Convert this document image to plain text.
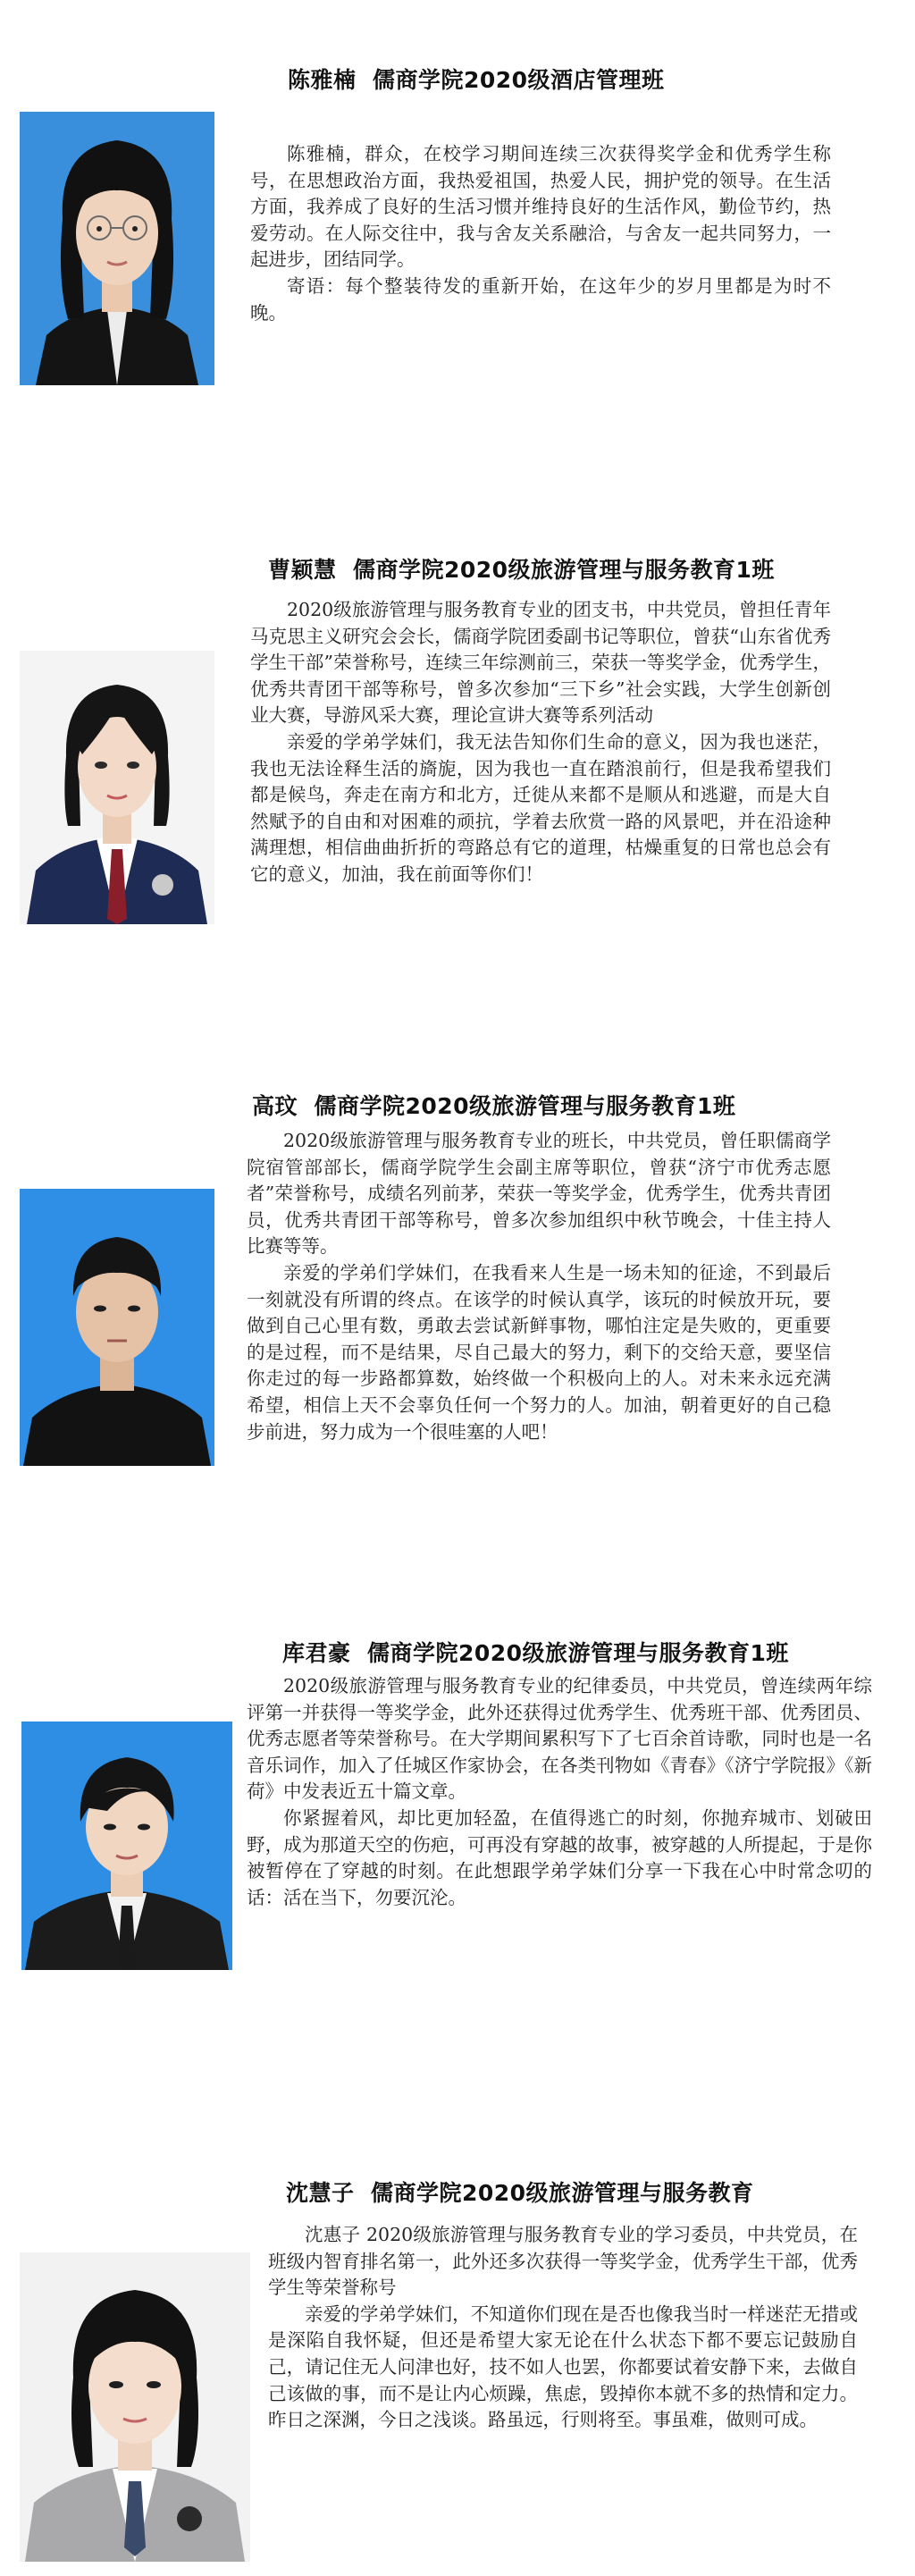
陈雅楠 儒商学院2020级酒店管理班

陈雅楠，群众，在校学习期间连续三次获得奖学金和优秀学生称号，在思想政治方面，我热爱祖国，热爱人民，拥护党的领导。在生活方面，我养成了良好的生活习惯并维持良好的生活作风，勤俭节约，热爱劳动。在人际交往中，我与舍友关系融洽，与舍友一起共同努力，一起进步，团结同学。

寄语：每个整装待发的重新开始，在这年少的岁月里都是为时不晚。

曹颖慧 儒商学院2020级旅游管理与服务教育1班

2020级旅游管理与服务教育专业的团支书，中共党员，曾担任青年马克思主义研究会会长，儒商学院团委副书记等职位，曾获“山东省优秀学生干部”荣誉称号，连续三年综测前三，荣获一等奖学金，优秀学生，优秀共青团干部等称号，曾多次参加“三下乡”社会实践，大学生创新创业大赛，导游风采大赛，理论宣讲大赛等系列活动

亲爱的学弟学妹们，我无法告知你们生命的意义，因为我也迷茫，我也无法诠释生活的旖旎，因为我也一直在踏浪前行，但是我希望我们都是候鸟，奔走在南方和北方，迁徙从来都不是顺从和逃避，而是大自然赋予的自由和对困难的顽抗，学着去欣赏一路的风景吧，并在沿途种满理想，相信曲曲折折的弯路总有它的道理，枯燥重复的日常也总会有它的意义，加油，我在前面等你们！

高玟 儒商学院2020级旅游管理与服务教育1班

2020级旅游管理与服务教育专业的班长，中共党员，曾任职儒商学院宿管部部长，儒商学院学生会副主席等职位，曾获“济宁市优秀志愿者”荣誉称号，成绩名列前茅，荣获一等奖学金，优秀学生，优秀共青团员，优秀共青团干部等称号，曾多次参加组织中秋节晚会，十佳主持人比赛等等。

亲爱的学弟们学妹们，在我看来人生是一场未知的征途，不到最后一刻就没有所谓的终点。在该学的时候认真学，该玩的时候放开玩，要做到自己心里有数，勇敢去尝试新鲜事物，哪怕注定是失败的，更重要的是过程，而不是结果，尽自己最大的努力，剩下的交给天意，要坚信你走过的每一步路都算数，始终做一个积极向上的人。对未来永远充满希望，相信上天不会辜负任何一个努力的人。加油，朝着更好的自己稳步前进，努力成为一个很哇塞的人吧！

库君豪 儒商学院2020级旅游管理与服务教育1班

2020级旅游管理与服务教育专业的纪律委员，中共党员，曾连续两年综评第一并获得一等奖学金，此外还获得过优秀学生、优秀班干部、优秀团员、优秀志愿者等荣誉称号。在大学期间累积写下了七百余首诗歌，同时也是一名音乐词作，加入了任城区作家协会，在各类刊物如《青春》《济宁学院报》《新荷》中发表近五十篇文章。

你紧握着风，却比更加轻盈，在值得逃亡的时刻，你抛弃城市、划破田野，成为那道天空的伤疤，可再没有穿越的故事，被穿越的人所提起，于是你被暂停在了穿越的时刻。在此想跟学弟学妹们分享一下我在心中时常念叨的话：活在当下，勿要沉沦。

沈慧子 儒商学院2020级旅游管理与服务教育

沈惠子 2020级旅游管理与服务教育专业的学习委员，中共党员，在班级内智育排名第一，此外还多次获得一等奖学金，优秀学生干部，优秀学生等荣誉称号

亲爱的学弟学妹们，不知道你们现在是否也像我当时一样迷茫无措或是深陷自我怀疑，但还是希望大家无论在什么状态下都不要忘记鼓励自己，请记住无人问津也好，技不如人也罢，你都要试着安静下来，去做自己该做的事，而不是让内心烦躁，焦虑，毁掉你本就不多的热情和定力。昨日之深渊，今日之浅谈。路虽远，行则将至。事虽难，做则可成。
